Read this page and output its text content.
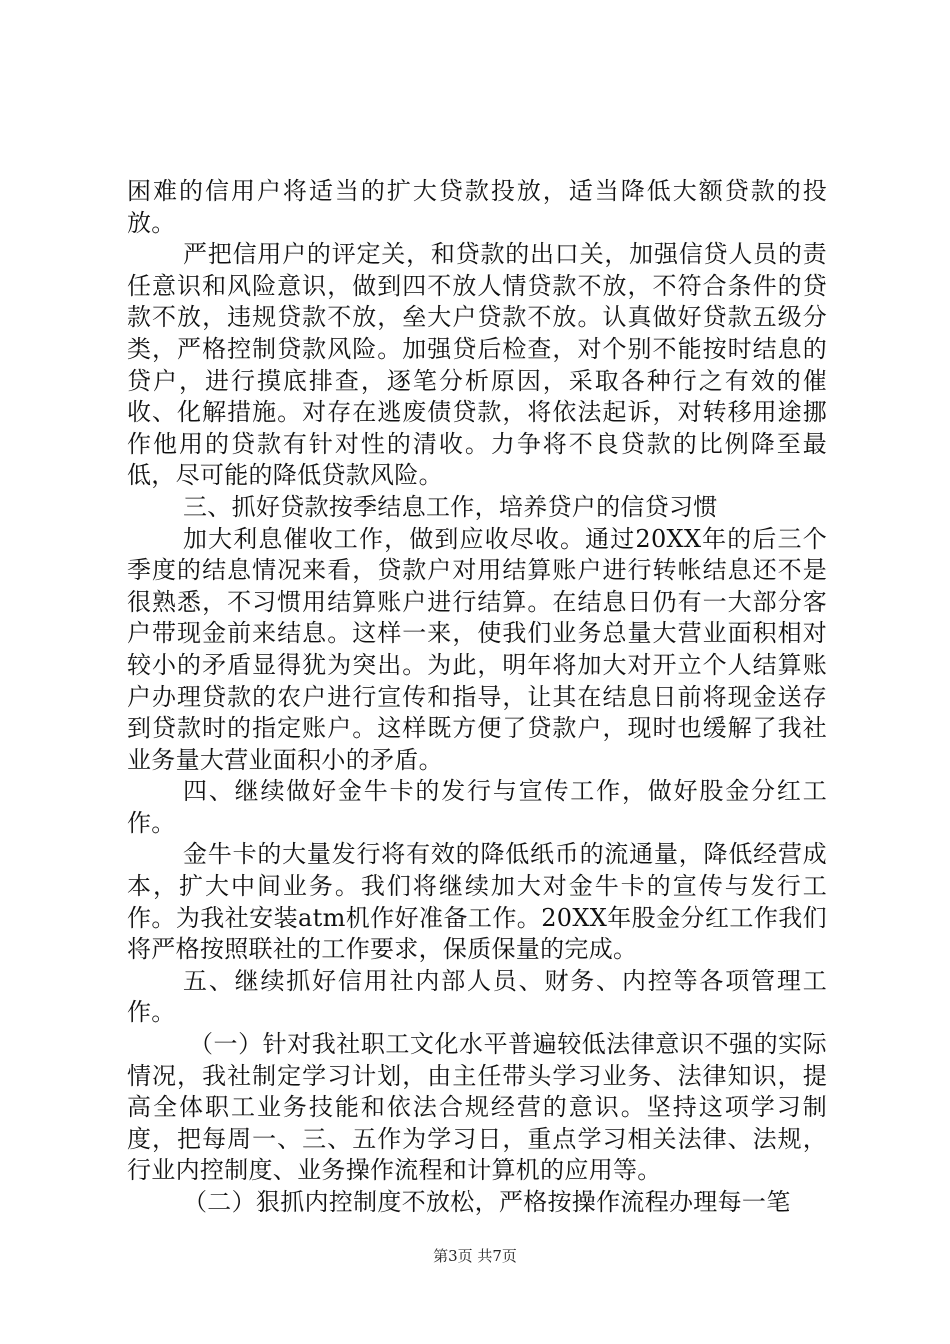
困难的信用户将适当的扩大贷款投放，适当降低大额贷款的投放。

严把信用户的评定关，和贷款的出口关，加强信贷人员的责任意识和风险意识，做到四不放人情贷款不放，不符合条件的贷款不放，违规贷款不放，垒大户贷款不放。认真做好贷款五级分类，严格控制贷款风险。加强贷后检查，对个别不能按时结息的贷户，进行摸底排查，逐笔分析原因，采取各种行之有效的催收、化解措施。对存在逃废债贷款，将依法起诉，对转移用途挪作他用的贷款有针对性的清收。力争将不良贷款的比例降至最低，尽可能的降低贷款风险。

三、抓好贷款按季结息工作，培养贷户的信贷习惯

加大利息催收工作，做到应收尽收。通过20XX年的后三个季度的结息情况来看，贷款户对用结算账户进行转帐结息还不是很熟悉，不习惯用结算账户进行结算。在结息日仍有一大部分客户带现金前来结息。这样一来，使我们业务总量大营业面积相对较小的矛盾显得犹为突出。为此，明年将加大对开立个人结算账户办理贷款的农户进行宣传和指导，让其在结息日前将现金送存到贷款时的指定账户。这样既方便了贷款户，现时也缓解了我社业务量大营业面积小的矛盾。

四、继续做好金牛卡的发行与宣传工作，做好股金分红工作。

金牛卡的大量发行将有效的降低纸币的流通量，降低经营成本，扩大中间业务。我们将继续加大对金牛卡的宣传与发行工作。为我社安装atm机作好准备工作。20XX年股金分红工作我们将严格按照联社的工作要求，保质保量的完成。

五、继续抓好信用社内部人员、财务、内控等各项管理工作。

（一）针对我社职工文化水平普遍较低法律意识不强的实际情况，我社制定学习计划，由主任带头学习业务、法律知识，提高全体职工业务技能和依法合规经营的意识。坚持这项学习制度，把每周一、三、五作为学习日，重点学习相关法律、法规，行业内控制度、业务操作流程和计算机的应用等。

（二）狠抓内控制度不放松，严格按操作流程办理每一笔

第3页 共7页
